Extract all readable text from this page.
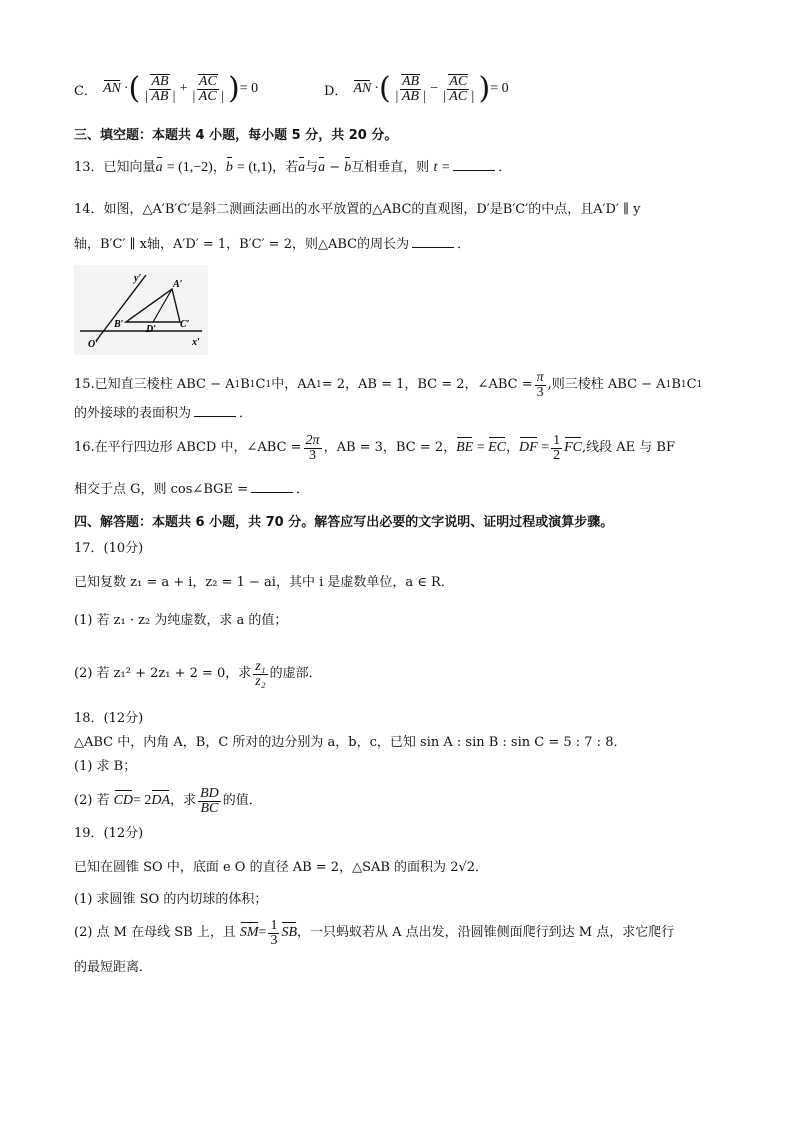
C． AN · ( $\frac{AB}{| AB |} + \frac{AC}{| AC |}$ ) = 0	D． AN · ( $\frac{AB}{| AB |} - \frac{AC}{| AC |}$ ) = 0
三、填空题：本题共 4 小题，每小题 5 分，共 20 分。
13．已知向量a = (1,−2)，b = (t,1)，若a与a − b互相垂直，则 t =	．
14．如图，△A′B′C′是斜二测画法画出的水平放置的△ABC的直观图，D′是B′C′的中点，且A′D′ ∥ y
轴，B′C′ ∥ x轴，A′D′ = 1，B′C′ = 2，则△ABC的周长为	．
y′
x′
O′
A′
B′	C′
D′
15.已知直三棱柱 ABC − A 1 B 1 C 1 中，AA 1 = 2，AB = 1，BC = 2，∠ABC = $\frac{\pi}{3}$ ,则三棱柱 ABC − A 1 B 1 C 1
的外接球的表面积为	．
16.在平行四边形 ABCD 中，∠ABC = $\frac{2\pi}{3}$ ，AB = 3，BC = 2， BE = EC ， DF = $\frac{1}{2}$ FC ,线段 AE 与 BF
相交于点 G，则 cos∠BGE =	．
四、解答题：本题共 6 小题，共 70 分。解答应写出必要的文字说明、证明过程或演算步骤。
17．(10分)
已知复数 z₁ = a + i，z₂ = 1 − ai，其中 i 是虚数单位，a ∈ R．
(1) 若 z₁ · z₂ 为纯虚数，求 a 的值；
(2) 若 z₁² + 2z₁ + 2 = 0，求 $\frac{\text{z₁}}{\text{z₂}}$ 的虚部．
18．(12分)
△ABC 中，内角 A，B，C 所对的边分别为 a，b，c，已知 sin A : sin B : sin C = 5 : 7 : 8．
(1) 求 B；
(2) 若 CD = 2 DA ，求 $\frac{BD}{BC}$ 的值．
19．(12分)
已知在圆锥 SO 中，底面 e O 的直径 AB = 2，△SAB 的面积为 2√2．
(1) 求圆锥 SO 的内切球的体积；
(2) 点 M 在母线 SB 上，且 SM = $\frac{1}{3}$ SB ，一只蚂蚁若从 A 点出发，沿圆锥侧面爬行到达 M 点，求它爬行
的最短距离．
